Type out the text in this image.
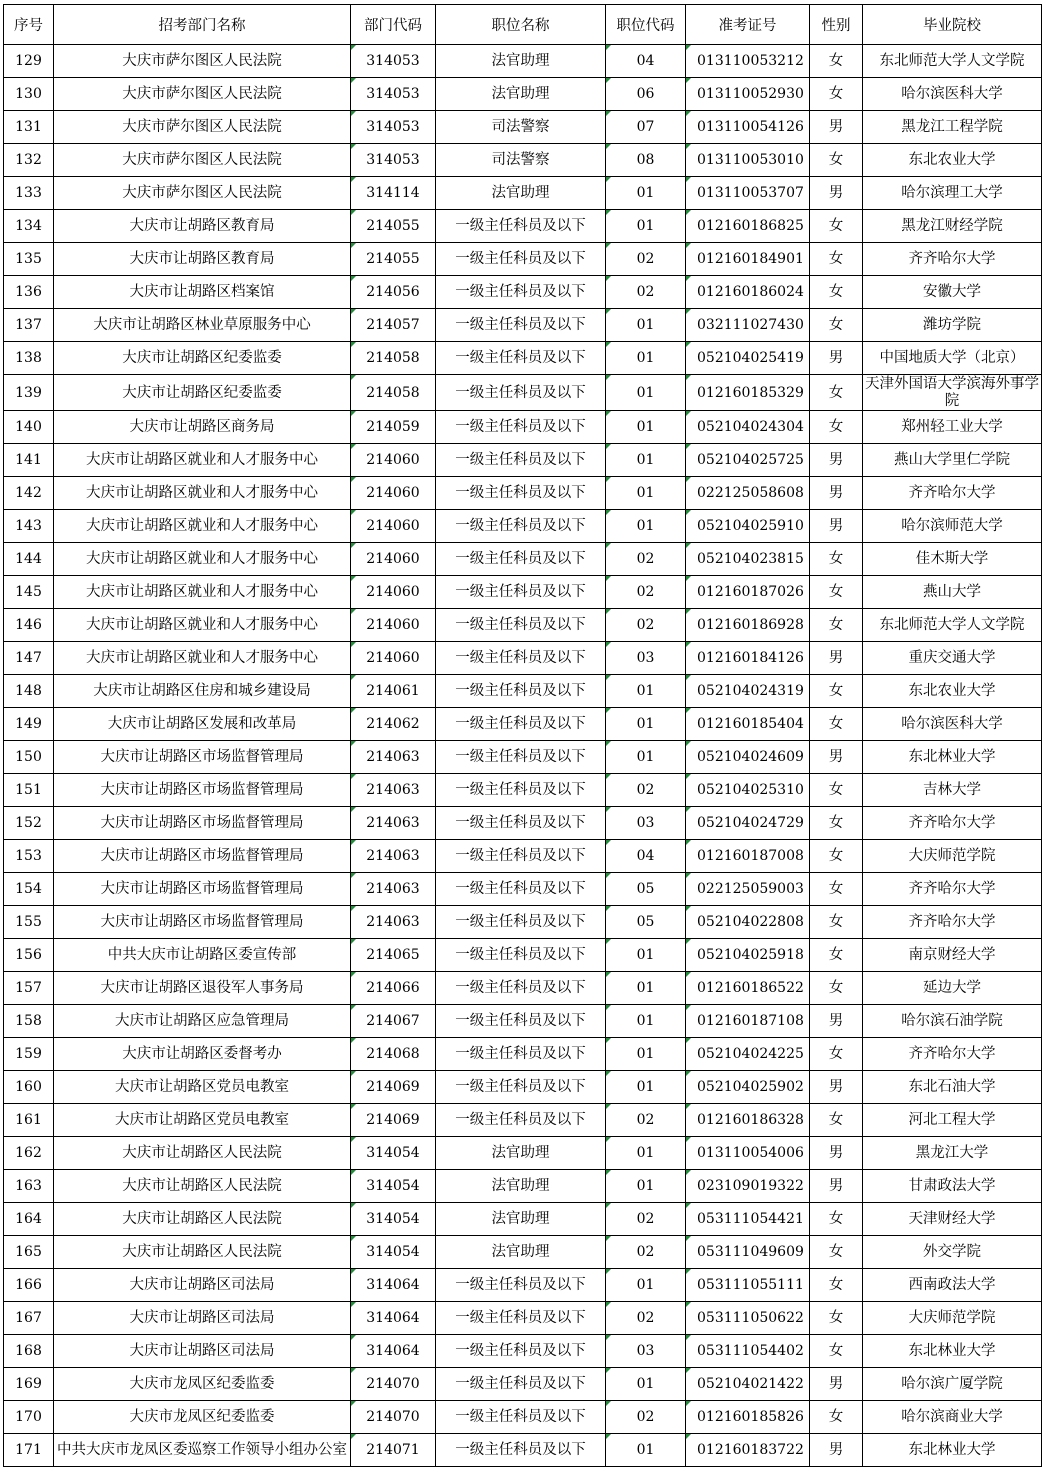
序号	招考部门名称	部门代码	职位名称	职位代码	准考证号	性别	毕业院校
129	大庆市萨尔图区人民法院	314053	法官助理	04	013110053212	女	东北师范大学人文学院
130	大庆市萨尔图区人民法院	314053	法官助理	06	013110052930	女	哈尔滨医科大学
131	大庆市萨尔图区人民法院	314053	司法警察	07	013110054126	男	黑龙江工程学院
132	大庆市萨尔图区人民法院	314053	司法警察	08	013110053010	女	东北农业大学
133	大庆市萨尔图区人民法院	314114	法官助理	01	013110053707	男	哈尔滨理工大学
134	大庆市让胡路区教育局	214055	一级主任科员及以下	01	012160186825	女	黑龙江财经学院
135	大庆市让胡路区教育局	214055	一级主任科员及以下	02	012160184901	女	齐齐哈尔大学
136	大庆市让胡路区档案馆	214056	一级主任科员及以下	02	012160186024	女	安徽大学
137	大庆市让胡路区林业草原服务中心	214057	一级主任科员及以下	01	032111027430	女	潍坊学院
138	大庆市让胡路区纪委监委	214058	一级主任科员及以下	01	052104025419	男	中国地质大学（北京）
139	大庆市让胡路区纪委监委	214058	一级主任科员及以下	01	012160185329	女	天津外国语大学滨海外事学院
140	大庆市让胡路区商务局	214059	一级主任科员及以下	01	052104024304	女	郑州轻工业大学
141	大庆市让胡路区就业和人才服务中心	214060	一级主任科员及以下	01	052104025725	男	燕山大学里仁学院
142	大庆市让胡路区就业和人才服务中心	214060	一级主任科员及以下	01	022125058608	男	齐齐哈尔大学
143	大庆市让胡路区就业和人才服务中心	214060	一级主任科员及以下	01	052104025910	男	哈尔滨师范大学
144	大庆市让胡路区就业和人才服务中心	214060	一级主任科员及以下	02	052104023815	女	佳木斯大学
145	大庆市让胡路区就业和人才服务中心	214060	一级主任科员及以下	02	012160187026	女	燕山大学
146	大庆市让胡路区就业和人才服务中心	214060	一级主任科员及以下	02	012160186928	女	东北师范大学人文学院
147	大庆市让胡路区就业和人才服务中心	214060	一级主任科员及以下	03	012160184126	男	重庆交通大学
148	大庆市让胡路区住房和城乡建设局	214061	一级主任科员及以下	01	052104024319	女	东北农业大学
149	大庆市让胡路区发展和改革局	214062	一级主任科员及以下	01	012160185404	女	哈尔滨医科大学
150	大庆市让胡路区市场监督管理局	214063	一级主任科员及以下	01	052104024609	男	东北林业大学
151	大庆市让胡路区市场监督管理局	214063	一级主任科员及以下	02	052104025310	女	吉林大学
152	大庆市让胡路区市场监督管理局	214063	一级主任科员及以下	03	052104024729	女	齐齐哈尔大学
153	大庆市让胡路区市场监督管理局	214063	一级主任科员及以下	04	012160187008	女	大庆师范学院
154	大庆市让胡路区市场监督管理局	214063	一级主任科员及以下	05	022125059003	女	齐齐哈尔大学
155	大庆市让胡路区市场监督管理局	214063	一级主任科员及以下	05	052104022808	女	齐齐哈尔大学
156	中共大庆市让胡路区委宣传部	214065	一级主任科员及以下	01	052104025918	女	南京财经大学
157	大庆市让胡路区退役军人事务局	214066	一级主任科员及以下	01	012160186522	女	延边大学
158	大庆市让胡路区应急管理局	214067	一级主任科员及以下	01	012160187108	男	哈尔滨石油学院
159	大庆市让胡路区委督考办	214068	一级主任科员及以下	01	052104024225	女	齐齐哈尔大学
160	大庆市让胡路区党员电教室	214069	一级主任科员及以下	01	052104025902	男	东北石油大学
161	大庆市让胡路区党员电教室	214069	一级主任科员及以下	02	012160186328	女	河北工程大学
162	大庆市让胡路区人民法院	314054	法官助理	01	013110054006	男	黑龙江大学
163	大庆市让胡路区人民法院	314054	法官助理	01	023109019322	男	甘肃政法大学
164	大庆市让胡路区人民法院	314054	法官助理	02	053111054421	女	天津财经大学
165	大庆市让胡路区人民法院	314054	法官助理	02	053111049609	女	外交学院
166	大庆市让胡路区司法局	314064	一级主任科员及以下	01	053111055111	女	西南政法大学
167	大庆市让胡路区司法局	314064	一级主任科员及以下	02	053111050622	女	大庆师范学院
168	大庆市让胡路区司法局	314064	一级主任科员及以下	03	053111054402	女	东北林业大学
169	大庆市龙凤区纪委监委	214070	一级主任科员及以下	01	052104021422	男	哈尔滨广厦学院
170	大庆市龙凤区纪委监委	214070	一级主任科员及以下	02	012160185826	女	哈尔滨商业大学
171	中共大庆市龙凤区委巡察工作领导小组办公室	214071	一级主任科员及以下	01	012160183722	男	东北林业大学
